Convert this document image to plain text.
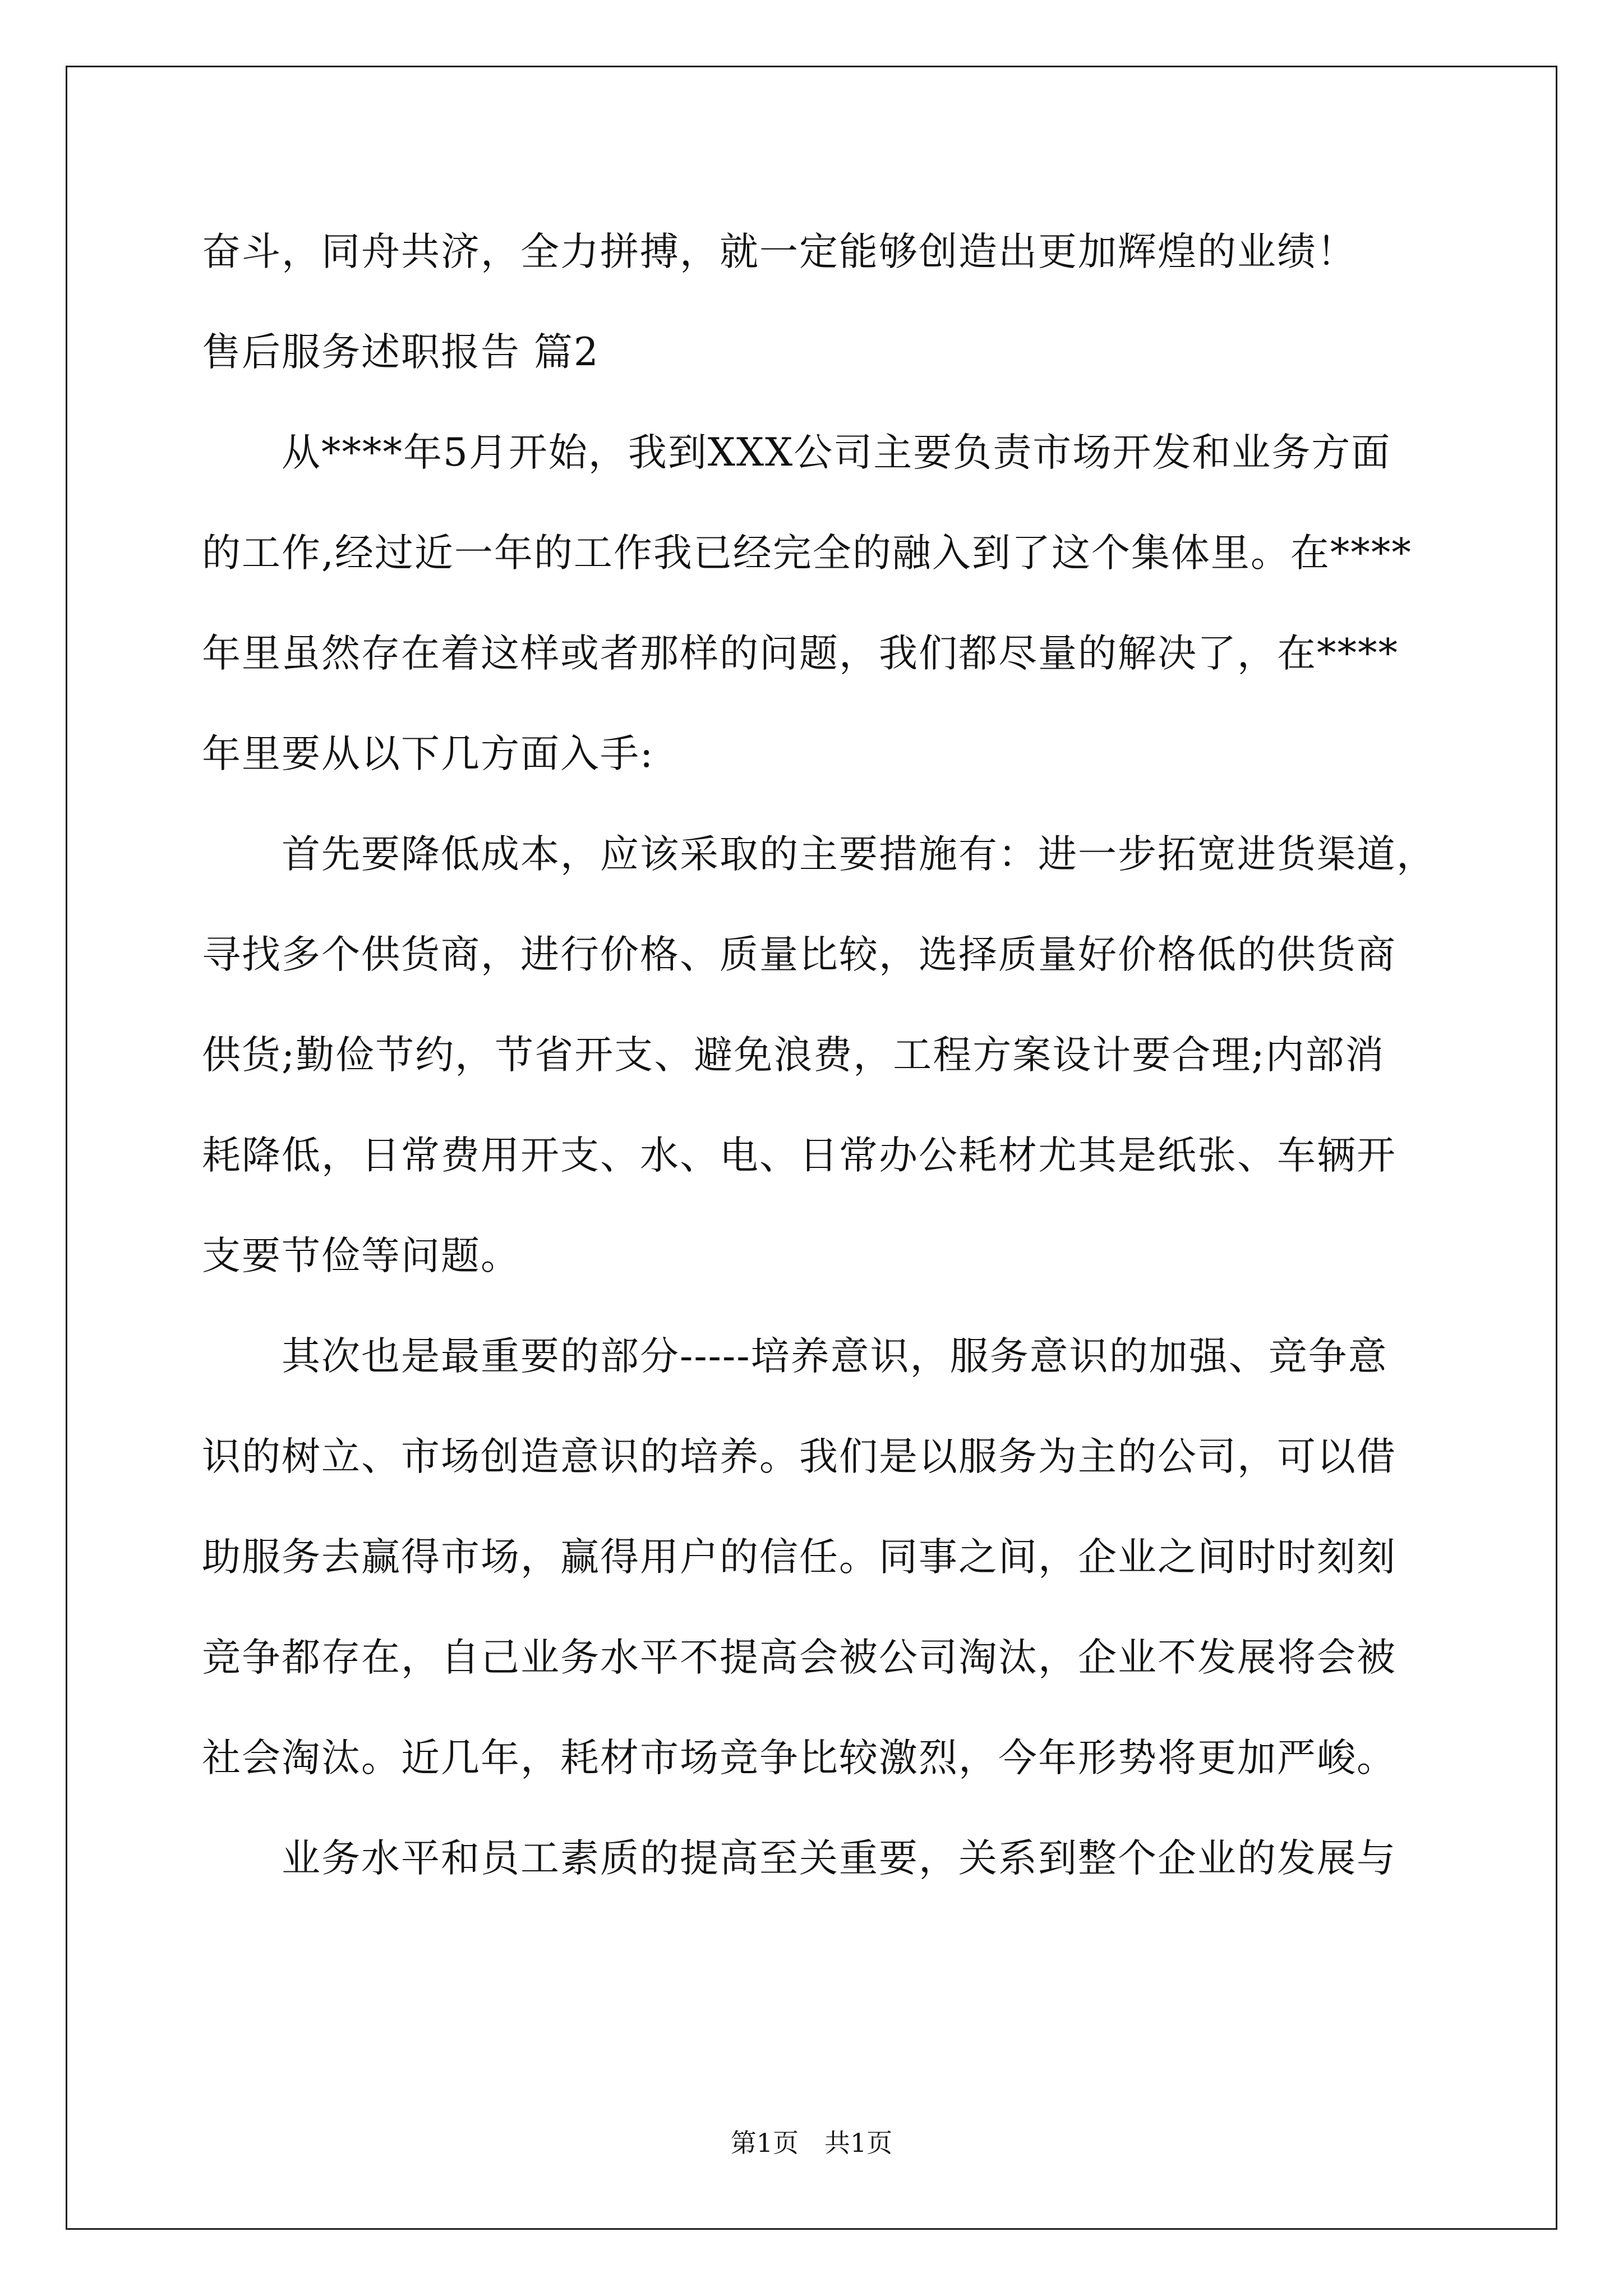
奋斗，同舟共济，全力拼搏，就一定能够创造出更加辉煌的业绩！
售后服务述职报告 篇2
从****年5月开始，我到XXX公司主要负责市场开发和业务方面
的工作,经过近一年的工作我已经完全的融入到了这个集体里。在****
年里虽然存在着这样或者那样的问题，我们都尽量的解决了，在****
年里要从以下几方面入手:
首先要降低成本，应该采取的主要措施有：进一步拓宽进货渠道，
寻找多个供货商，进行价格、质量比较，选择质量好价格低的供货商
供货;勤俭节约，节省开支、避免浪费，工程方案设计要合理;内部消
耗降低，日常费用开支、水、电、日常办公耗材尤其是纸张、车辆开
支要节俭等问题。
其次也是最重要的部分-----培养意识，服务意识的加强、竞争意
识的树立、市场创造意识的培养。我们是以服务为主的公司，可以借
助服务去赢得市场，赢得用户的信任。同事之间，企业之间时时刻刻
竞争都存在，自己业务水平不提高会被公司淘汰，企业不发展将会被
社会淘汰。近几年，耗材市场竞争比较激烈，今年形势将更加严峻。
业务水平和员工素质的提高至关重要，关系到整个企业的发展与
第1页　共1页
